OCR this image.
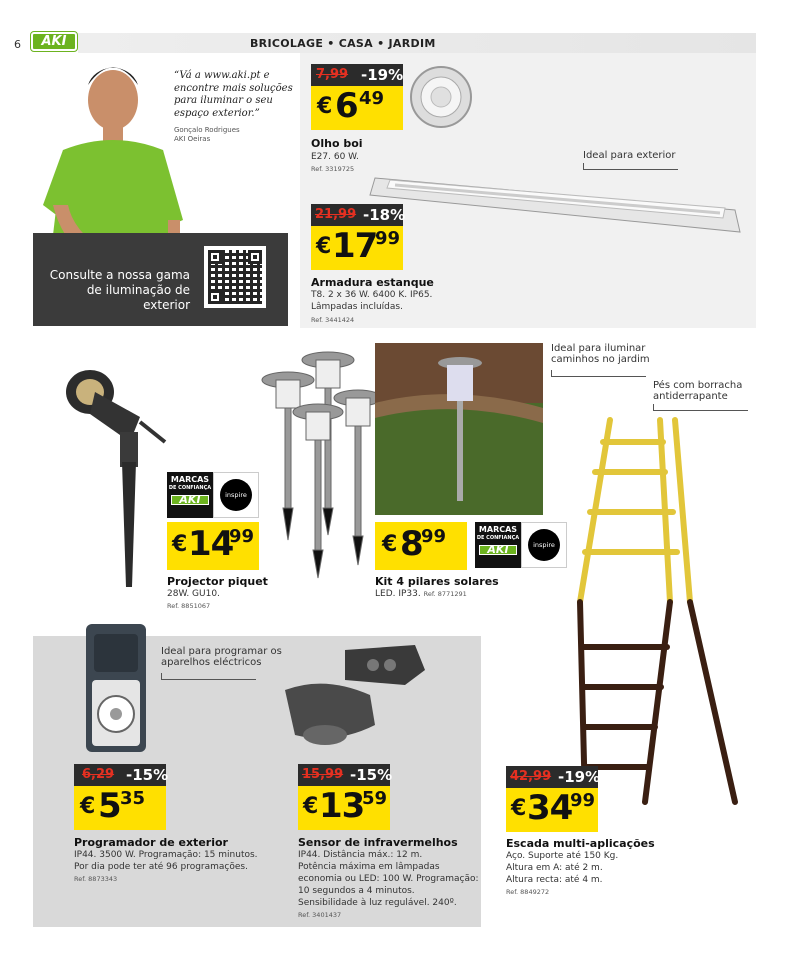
6	AKI	BRICOLAGE • CASA • JARDIM
Consulte a nossa gama de iluminação de exterior
“Vá a www.aki.pt e encontre mais soluções para iluminar o seu espaço exterior.”
Gonçalo Rodrigues
AKI Oeiras
7,99 -19%
€ 6 49
Olho boi
E27. 60 W.
Ref. 3319725
Ideal para exterior
21,99 -18%
€ 17
99
Armadura estanque
T8. 2 x 36 W. 6400 K. IP65.
Lâmpadas incluídas.
Ref. 3441424
MARCAS
DE CONFIANÇA
AKI	inspire
€ 14
99
Projector piquet
28W. GU10.
Ref. 8851067
Ideal para iluminar caminhos no jardim
€ 8
99	MARCAS
DE CONFIANÇA
AKI	inspire
Kit 4 pilares solares
LED. IP33. Ref. 8771291
Pés com borracha antiderrapante
42,99 -19%
€ 34
99
Escada multi-aplicações
Aço. Suporte até 150 Kg.
Altura em A: até 2 m.
Altura recta: até 4 m.
Ref. 8849272
Ideal para programar os aparelhos eléctricos
6,29 -15%
€ 5 35
Programador de exterior
IP44. 3500 W. Programação: 15 minutos.
Por dia pode ter até 96 programações.
Ref. 8873343
15,99 -15%
€ 13
59
Sensor de infravermelhos
IP44. Distância máx.: 12 m.
Potência máxima em lâmpadas
economia ou LED: 100 W. Programação:
10 segundos a 4 minutos.
Sensibilidade à luz regulável. 240º.
Ref. 3401437
